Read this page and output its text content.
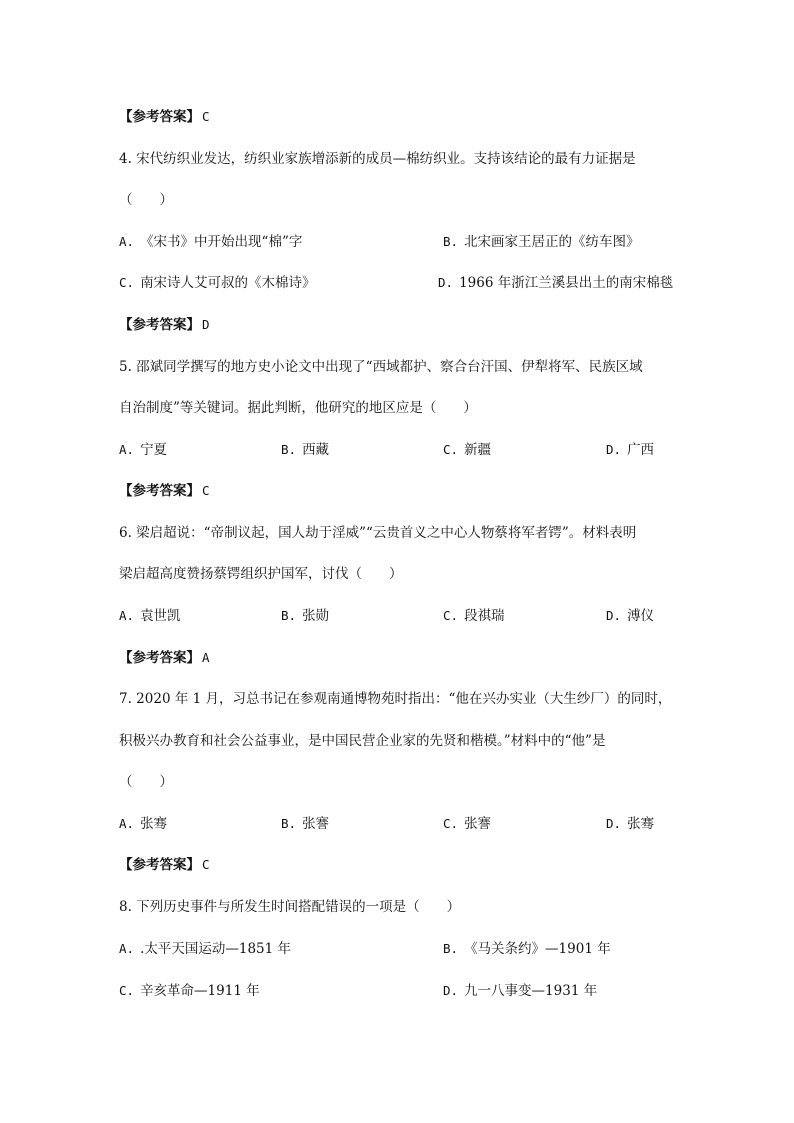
【参考答案】 C
4. 宋代纺织业发达，纺织业家族增添新的成员—棉纺织业。支持该结论的最有力证据是
（　　）
A. 《宋书》中开始出现“棉”字	B. 北宋画家王居正的《纺车图》
C. 南宋诗人艾可叔的《木棉诗》	D. 1966 年浙江兰溪县出土的南宋棉毯
【参考答案】 D
5. 邵斌同学撰写的地方史小论文中出现了“西域都护、察合台汗国、伊犁将军、民族区域
自治制度”等关键词。据此判断，他研究的地区应是（　　）
A. 宁夏	B. 西藏	C. 新疆	D. 广西
【参考答案】 C
6. 梁启超说：“帝制议起，国人劫于淫威”“云贵首义之中心人物蔡将军者锷”。材料表明
梁启超高度赞扬蔡锷组织护国军，讨伐（　　）
A. 袁世凯	B. 张勋	C. 段祺瑞	D. 溥仪
【参考答案】 A
7. 2020 年 1 月，习总书记在参观南通博物苑时指出：“他在兴办实业（大生纱厂）的同时，
积极兴办教育和社会公益事业，是中国民营企业家的先贤和楷模。”材料中的“他”是
（　　）
A. 张骞	B. 张謇	C. 张謇	D. 张骞
【参考答案】 C
8. 下列历史事件与所发生时间搭配错误的一项是（　　）
A. .太平天国运动—1851 年	B. 《马关条约》—1901 年
C. 辛亥革命—1911 年	D. 九一八事变—1931 年
